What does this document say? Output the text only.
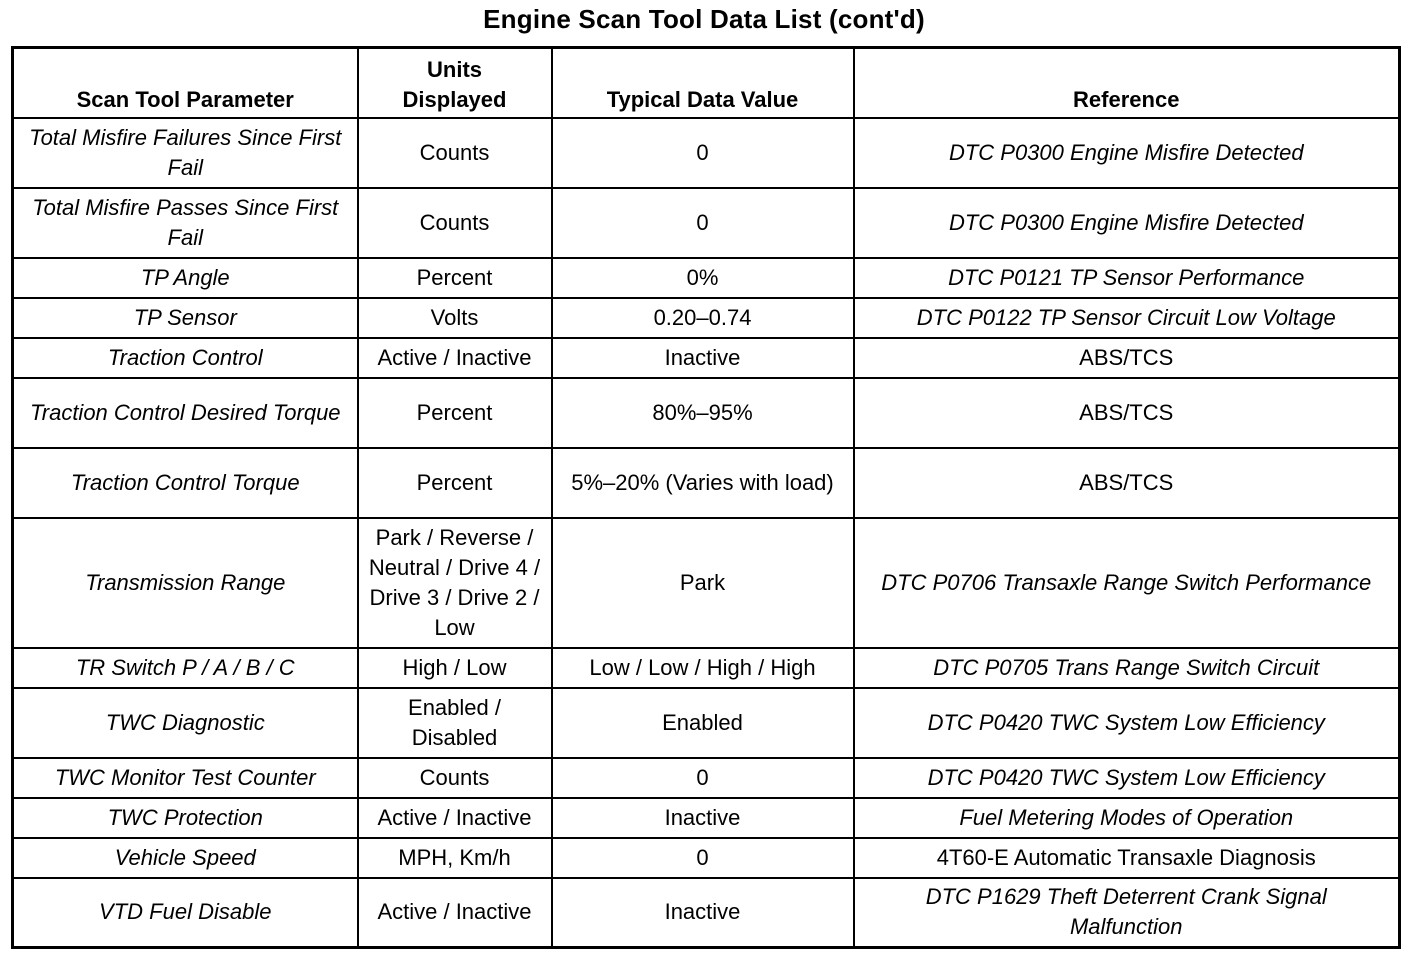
Engine Scan Tool Data List (cont'd)
Scan Tool Parameter	Units Displayed	Typical Data Value	Reference
Total Misfire Failures Since First Fail	Counts	0	DTC P0300 Engine Misfire Detected
Total Misfire Passes Since First Fail	Counts	0	DTC P0300 Engine Misfire Detected
TP Angle	Percent	0%	DTC P0121 TP Sensor Performance
TP Sensor	Volts	0.20–0.74	DTC P0122 TP Sensor Circuit Low Voltage
Traction Control	Active / Inactive	Inactive	ABS/TCS
Traction Control Desired Torque	Percent	80%–95%	ABS/TCS
Traction Control Torque	Percent	5%–20% (Varies with load)	ABS/TCS
Transmission Range	Park / Reverse / Neutral / Drive 4 / Drive 3 / Drive 2 / Low	Park	DTC P0706 Transaxle Range Switch Performance
TR Switch P / A / B / C	High / Low	Low / Low / High / High	DTC P0705 Trans Range Switch Circuit
TWC Diagnostic	Enabled / Disabled	Enabled	DTC P0420 TWC System Low Efficiency
TWC Monitor Test Counter	Counts	0	DTC P0420 TWC System Low Efficiency
TWC Protection	Active / Inactive	Inactive	Fuel Metering Modes of Operation
Vehicle Speed	MPH, Km/h	0	4T60-E Automatic Transaxle Diagnosis
VTD Fuel Disable	Active / Inactive	Inactive	DTC P1629 Theft Deterrent Crank Signal Malfunction
